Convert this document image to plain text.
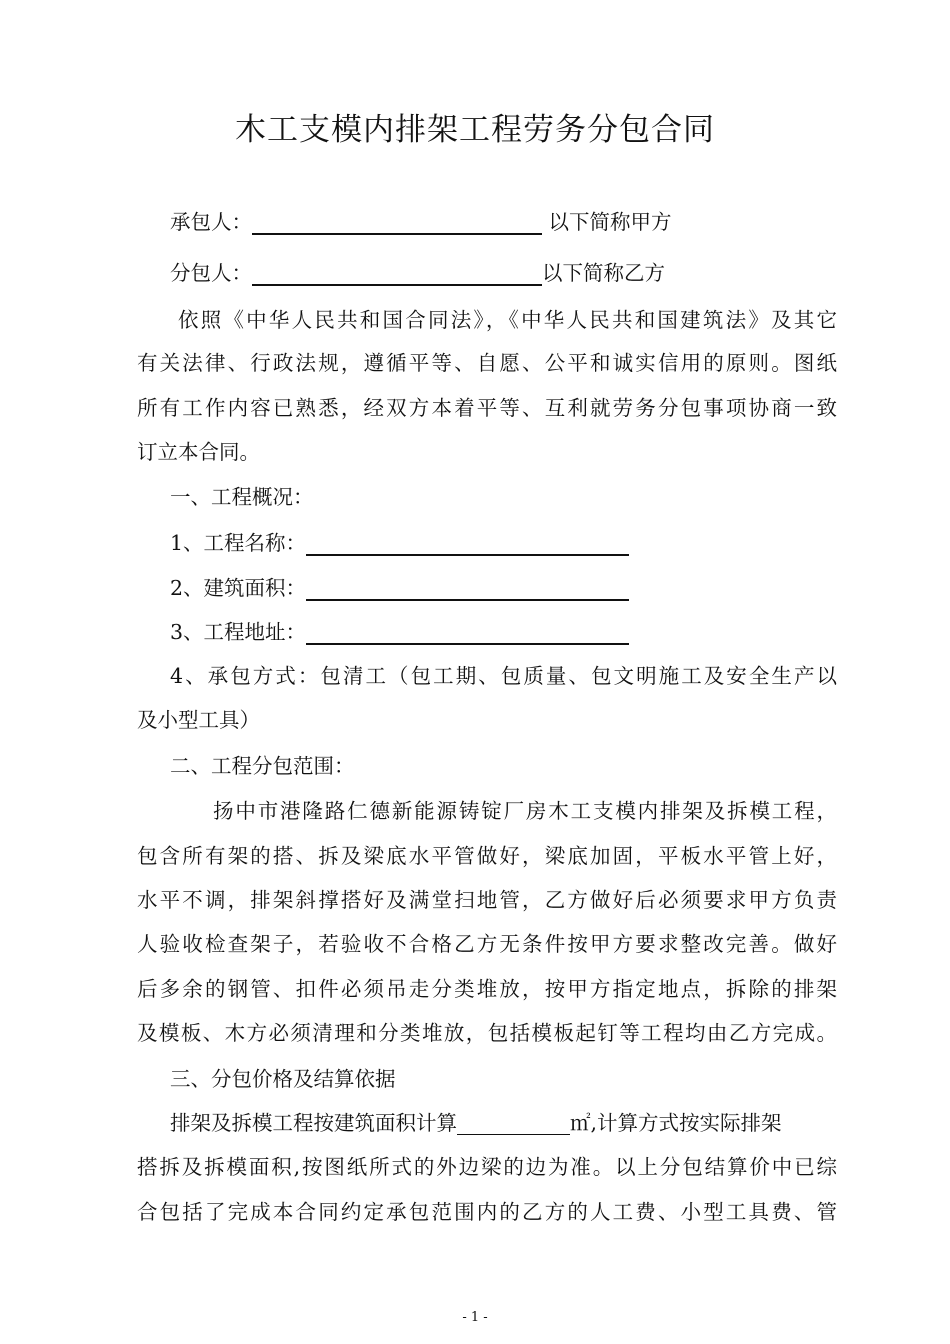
木工支模内排架工程劳务分包合同
承包人：	以下简称甲方
分包人：	以下简称乙方
依照《中华人民共和国合同法》，《中华人民共和国建筑法》及其它
有关法律、行政法规，遵循平等、自愿、公平和诚实信用的原则。图纸
所有工作内容已熟悉，经双方本着平等、互利就劳务分包事项协商一致
订立本合同。
一、工程概况：
1、工程名称：
2、建筑面积：
3、工程地址：
4、承包方式：包清工（包工期、包质量、包文明施工及安全生产以
及小型工具）
二、工程分包范围：
扬中市港隆路仁德新能源铸锭厂房木工支模内排架及拆模工程，
包含所有架的搭、拆及梁底水平管做好，梁底加固，平板水平管上好，
水平不调，排架斜撑搭好及满堂扫地管，乙方做好后必须要求甲方负责
人验收检查架子，若验收不合格乙方无条件按甲方要求整改完善。做好
后多余的钢管、扣件必须吊走分类堆放，按甲方指定地点，拆除的排架
及模板、木方必须清理和分类堆放，包括模板起钉等工程均由乙方完成。
三、分包价格及结算依据
排架及拆模工程按建筑面积计算	㎡,计算方式按实际排架
搭拆及拆模面积,按图纸所式的外边梁的边为准。以上分包结算价中已综
合包括了完成本合同约定承包范围内的乙方的人工费、小型工具费、管
- 1 -
